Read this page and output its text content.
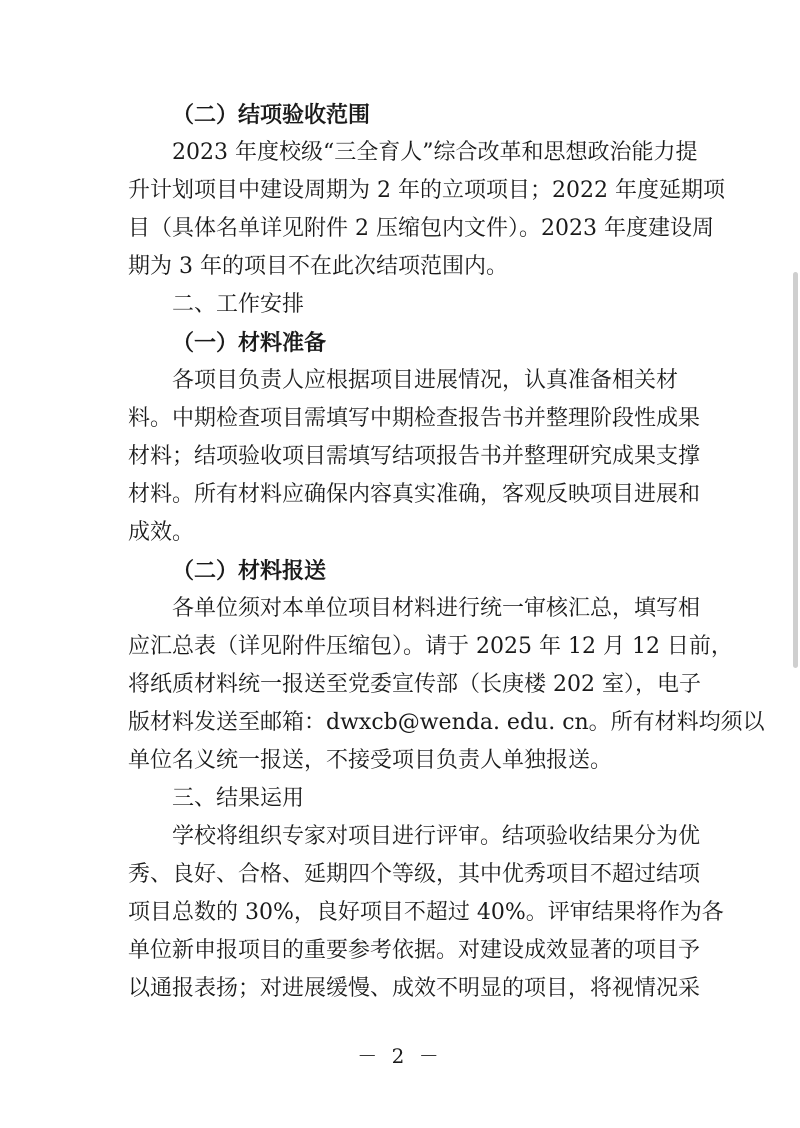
（二）结项验收范围
2023 年度校级“三全育人”综合改革和思想政治能力提
升计划项目中建设周期为 2 年的立项项目；2022 年度延期项
目（具体名单详见附件 2 压缩包内文件）。2023 年度建设周
期为 3 年的项目不在此次结项范围内。
二、工作安排
（一）材料准备
各项目负责人应根据项目进展情况，认真准备相关材
料。中期检查项目需填写中期检查报告书并整理阶段性成果
材料；结项验收项目需填写结项报告书并整理研究成果支撑
材料。所有材料应确保内容真实准确，客观反映项目进展和
成效。
（二）材料报送
各单位须对本单位项目材料进行统一审核汇总，填写相
应汇总表（详见附件压缩包）。请于 2025 年 12 月 12 日前，
将纸质材料统一报送至党委宣传部（长庚楼 202 室），电子
版材料发送至邮箱：dwxcb@wenda. edu. cn。所有材料均须以
单位名义统一报送，不接受项目负责人单独报送。
三、结果运用
学校将组织专家对项目进行评审。结项验收结果分为优
秀、良好、合格、延期四个等级，其中优秀项目不超过结项
项目总数的 30%，良好项目不超过 40%。评审结果将作为各
单位新申报项目的重要参考依据。对建设成效显著的项目予
以通报表扬；对进展缓慢、成效不明显的项目，将视情况采
－ 2 －
